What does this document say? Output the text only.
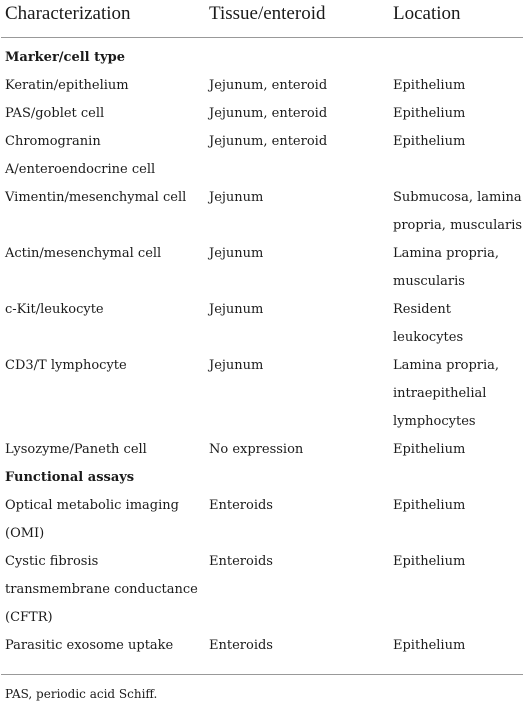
Characterization	Tissue/enteroid	Location
Marker/cell type		
Keratin/epithelium	Jejunum, enteroid	Epithelium
PAS/goblet cell	Jejunum, enteroid	Epithelium
Chromogranin A/enteroendocrine cell	Jejunum, enteroid	Epithelium
Vimentin/mesenchymal cell	Jejunum	Submucosa, lamina propria, muscularis
Actin/mesenchymal cell	Jejunum	Lamina propria, muscularis
c-Kit/leukocyte	Jejunum	Resident leukocytes
CD3/T lymphocyte	Jejunum	Lamina propria, intraepithelial lymphocytes
Lysozyme/Paneth cell	No expression	Epithelium
Functional assays		
Optical metabolic imaging (OMI)	Enteroids	Epithelium
Cystic fibrosis transmembrane conductance (CFTR)	Enteroids	Epithelium
Parasitic exosome uptake	Enteroids	Epithelium
PAS, periodic acid Schiff.
